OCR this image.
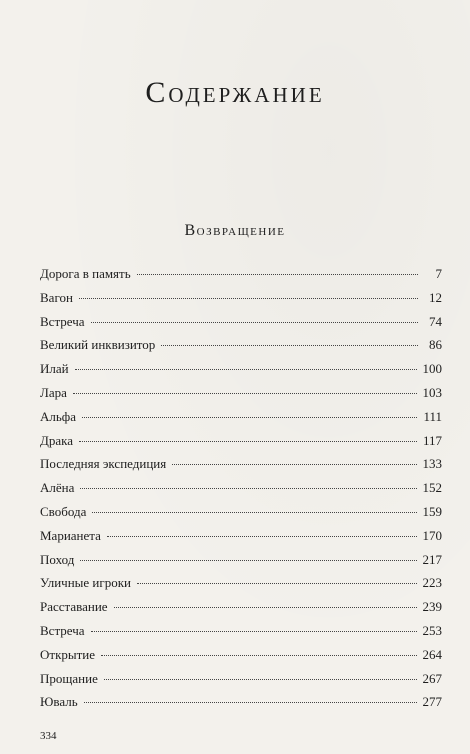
Содержание
Возвращение
Дорога в память	7
Вагон	12
Встреча	74
Великий инквизитор	86
Илай	100
Лара	103
Альфа	111
Драка	117
Последняя экспедиция	133
Алёна	152
Свобода	159
Марианета	170
Поход	217
Уличные игроки	223
Расставание	239
Встреча	253
Открытие	264
Прощание	267
Юваль	277
334
